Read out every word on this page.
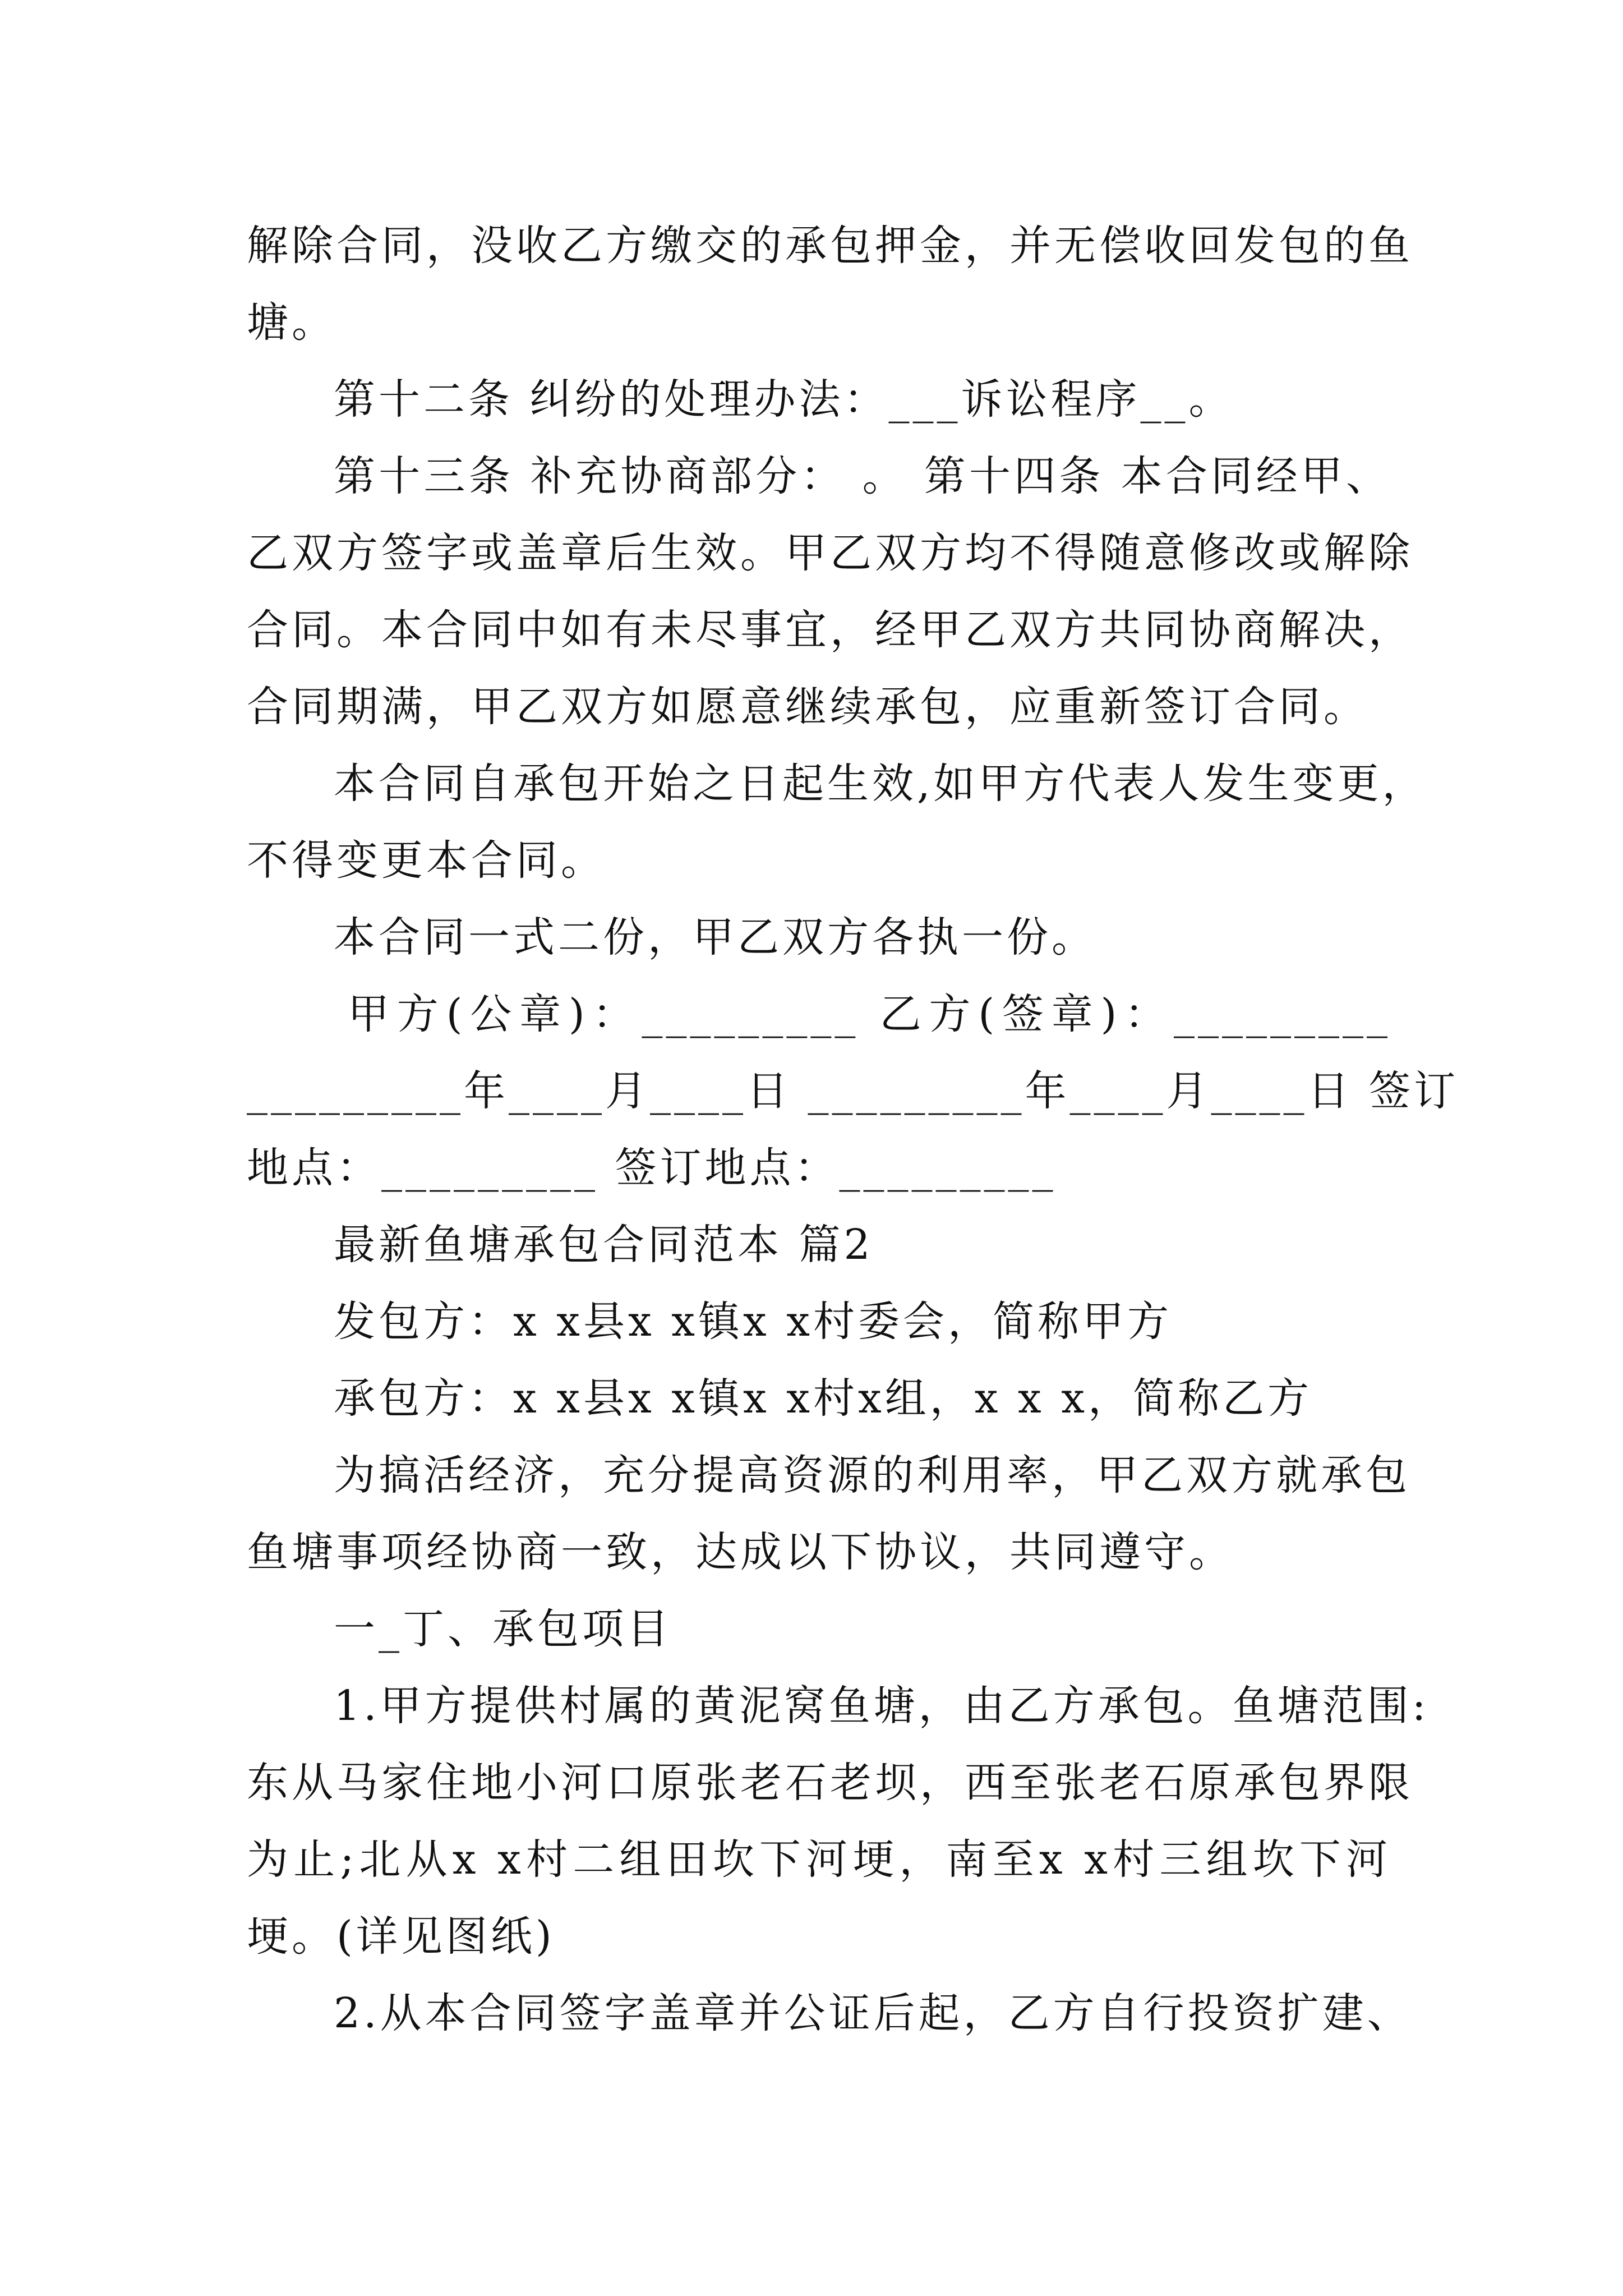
解除合同，没收乙方缴交的承包押金，并无偿收回发包的鱼
塘。
第十二条 纠纷的处理办法：___诉讼程序__。
第十三条 补充协商部分： 。 第十四条 本合同经甲、
乙双方签字或盖章后生效。甲乙双方均不得随意修改或解除
合同。本合同中如有未尽事宜，经甲乙双方共同协商解决，
合同期满，甲乙双方如愿意继续承包，应重新签订合同。
本合同自承包开始之日起生效,如甲方代表人发生变更，
不得变更本合同。
本合同一式二份，甲乙双方各执一份。
甲方(公章)：_________ 乙方(签章)：_________
_________年____月____日 _________年____月____日 签订
地点：_________ 签订地点：_________
最新鱼塘承包合同范本 篇2
发包方：x x县x x镇x x村委会，简称甲方
承包方：x x县x x镇x x村x组，x x x，简称乙方
为搞活经济，充分提高资源的利用率，甲乙双方就承包
鱼塘事项经协商一致，达成以下协议，共同遵守。
一_丁、承包项目
1.甲方提供村属的黄泥窝鱼塘，由乙方承包。鱼塘范围:
东从马家住地小河口原张老石老坝，西至张老石原承包界限
为止;北从x x村二组田坎下河埂，南至x x村三组坎下河
埂。(详见图纸)
2.从本合同签字盖章并公证后起，乙方自行投资扩建、
